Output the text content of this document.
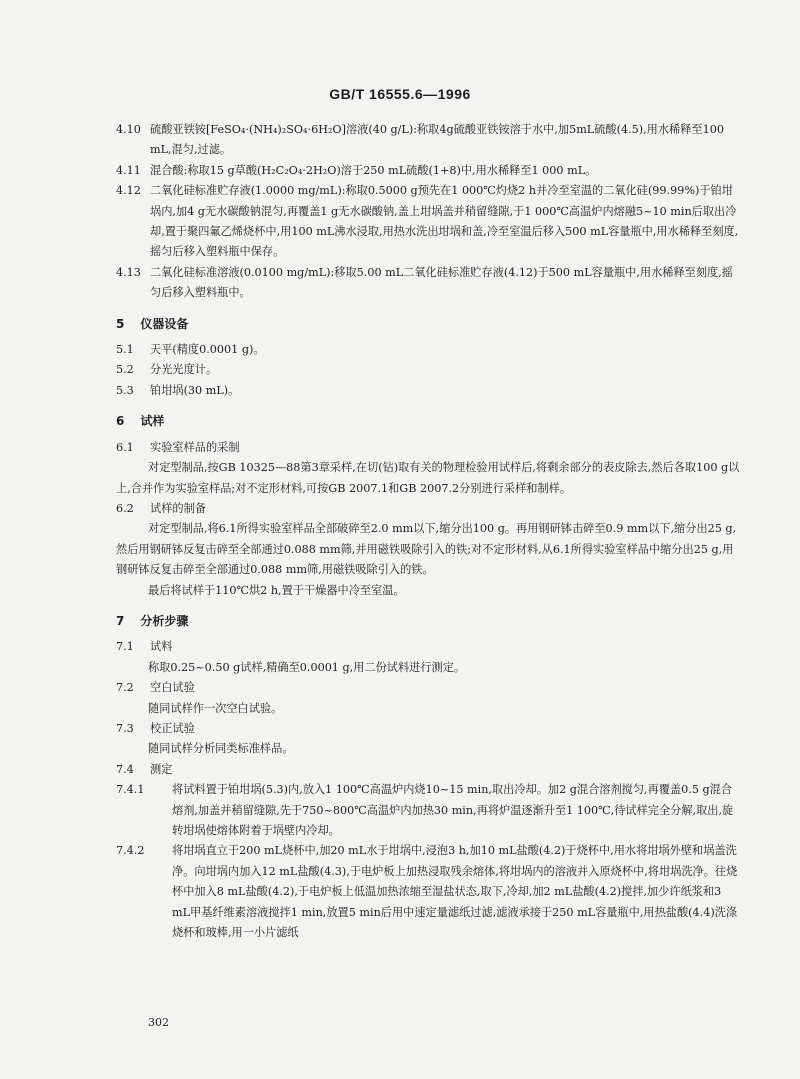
GB/T 16555.6—1996
4.10 硫酸亚铁铵[FeSO₄·(NH₄)₂SO₄·6H₂O]溶液(40 g/L):称取4g硫酸亚铁铵溶于水中,加5mL硫酸(4.5),用水稀释至100 mL,混匀,过滤。
4.11 混合酸:称取15 g草酸(H₂C₂O₄·2H₂O)溶于250 mL硫酸(1+8)中,用水稀释至1 000 mL。
4.12 二氧化硅标准贮存液(1.0000 mg/mL):称取0.5000 g预先在1 000℃灼烧2 h并冷至室温的二氧化硅(99.99%)于铂坩埚内,加4 g无水碳酸钠混匀,再覆盖1 g无水碳酸钠,盖上坩埚盖并稍留缝隙,于1 000℃高温炉内熔融5~10 min后取出冷却,置于聚四氟乙烯烧杯中,用100 mL沸水浸取,用热水洗出坩埚和盖,冷至室温后移入500 mL容量瓶中,用水稀释至刻度,摇匀后移入塑料瓶中保存。
4.13 二氧化硅标准溶液(0.0100 mg/mL):移取5.00 mL二氧化硅标准贮存液(4.12)于500 mL容量瓶中,用水稀释至刻度,摇匀后移入塑料瓶中。
5 仪器设备
5.1 天平(精度0.0001 g)。
5.2 分光光度计。
5.3 铂坩埚(30 mL)。
6 试样
6.1 实验室样品的采制
对定型制品,按GB 10325—88第3章采样,在切(钻)取有关的物理检验用试样后,将剩余部分的表皮除去,然后各取100 g以上,合并作为实验室样品;对不定形材料,可按GB 2007.1和GB 2007.2分别进行采样和制样。
6.2 试样的制备
对定型制品,将6.1所得实验室样品全部破碎至2.0 mm以下,缩分出100 g。再用钢研钵击碎至0.9 mm以下,缩分出25 g,然后用钢研钵反复击碎至全部通过0.088 mm筛,并用磁铁吸除引入的铁;对不定形材料,从6.1所得实验室样品中缩分出25 g,用钢研钵反复击碎至全部通过0.088 mm筛,用磁铁吸除引入的铁。
最后将试样于110℃烘2 h,置于干燥器中冷至室温。
7 分析步骤
7.1 试料
称取0.25~0.50 g试样,精确至0.0001 g,用二份试料进行测定。
7.2 空白试验
随同试样作一次空白试验。
7.3 校正试验
随同试样分析同类标准样品。
7.4 测定
7.4.1 将试料置于铂坩埚(5.3)内,放入1 100℃高温炉内烧10~15 min,取出冷却。加2 g混合溶剂搅匀,再覆盖0.5 g混合熔剂,加盖并稍留缝隙,先于750~800℃高温炉内加热30 min,再将炉温逐渐升至1 100℃,待试样完全分解,取出,旋转坩埚使熔体附着于埚壁内冷却。
7.4.2 将坩埚直立于200 mL烧杯中,加20 mL水于坩埚中,浸泡3 h,加10 mL盐酸(4.2)于烧杯中,用水将坩埚外壁和埚盖洗净。向坩埚内加入12 mL盐酸(4.3),于电炉板上加热浸取残余熔体,将坩埚内的溶液并入原烧杯中,将坩埚洗净。往烧杯中加入8 mL盐酸(4.2),于电炉板上低温加热浓缩至湿盐状态,取下,冷却,加2 mL盐酸(4.2)搅拌,加少许纸浆和3 mL甲基纤维素溶液搅拌1 min,放置5 min后用中速定量滤纸过滤,滤液承接于250 mL容量瓶中,用热盐酸(4.4)洗涤烧杯和玻棒,用一小片滤纸
302
